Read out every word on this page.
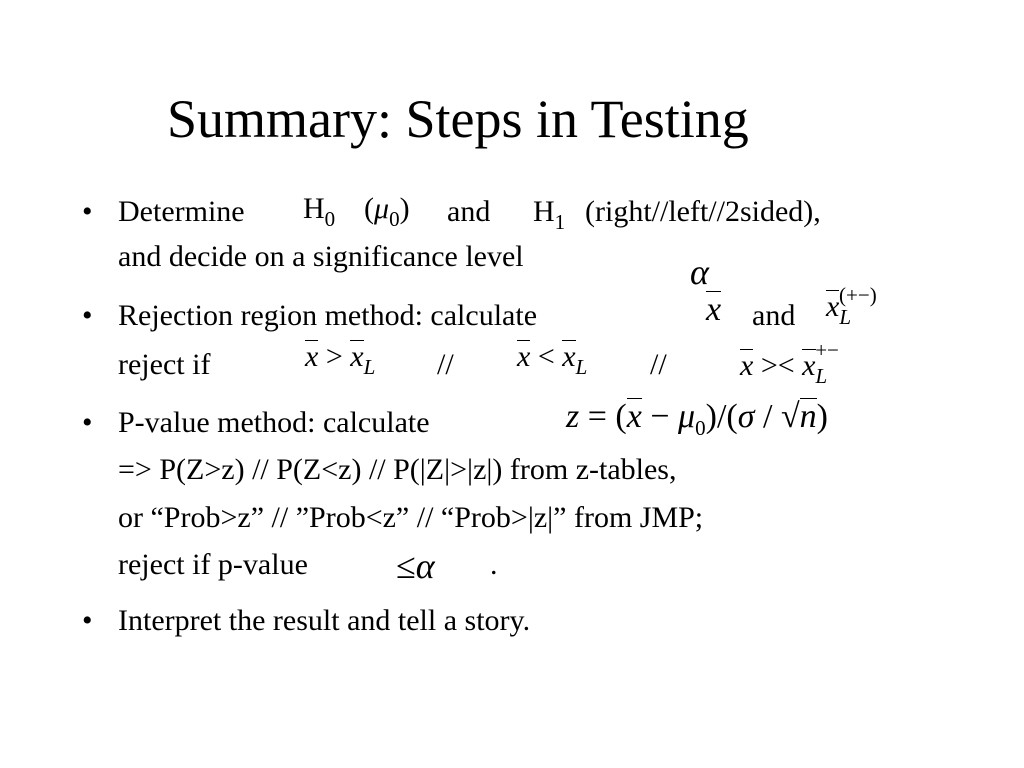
Summary: Steps in Testing
• Determine $H_0$ $(\mu_0)$ and $H_1$ (right//left//2sided),
and decide on a significance level	α
• Rejection region method: calculate	x and $x_L^{(+-)}$
reject if	$x > x_L // x < x_L // x >< x_L^{+-}$
• P-value method: calculate	$z = (x - \mu_0)/(\sigma / √n)$
=> P(Z>z) // P(Z<z) // P(|Z|>|z|) from z-tables,
or “Prob>z” // ”Prob<z” // “Prob>|z|” from JMP;
reject if p-value ≤α .
• Interpret the result and tell a story.
